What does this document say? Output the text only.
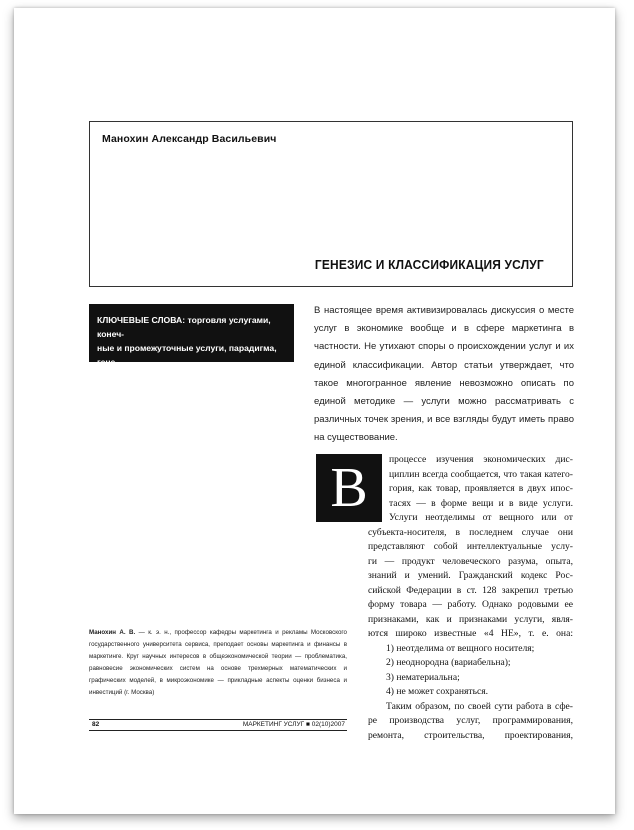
Манохин Александр Васильевич
ГЕНЕЗИС И КЛАССИФИКАЦИЯ УСЛУГ
КЛЮЧЕВЫЕ СЛОВА: торговля услугами, конеч-
ные и промежуточные услуги, парадигма, гене-
зис, первичные услуги

В настоящее время активизировалась дискуссия о месте услуг в экономике вообще и в сфере маркетинга в частности. Не утихают споры о происхождении услуг и их единой классификации. Автор статьи утверждает, что такое многогранное явление невозможно описать по единой методике — услуги можно рассматривать с различных точек зрения, и все взгляды будут иметь право на существование.

В	процессе изучения экономических дис-
циплин всегда сообщается, что такая катего-
гория, как товар, проявляется в двух ипос-
тасях — в форме вещи и в виде услуги.
Услуги неотделимы от вещного или от
субъекта-носителя, в последнем случае они
представляют собой интеллектуальные услу-
ги — продукт человеческого разума, опыта,
знаний и умений. Гражданский кодекс Рос-
сийской Федерации в ст. 128 закрепил третью
форму товара — работу. Однако родовыми ее
признаками, как и признаками услуги, явля-
ются широко известные «4 НЕ», т. е. она:
1) неотделима от вещного носителя;
2) неоднородна (вариабельна);
3) нематериальна;
4) не может сохраняться.
Таким образом, по своей сути работа в сфе-
ре производства услуг, программирования,
ремонта, строительства, проектирования,

Манохин А. В. — к. э. н., профессор кафедры маркетинга и рекламы Московского государственного университета сервиса, преподает основы маркетинга и финансы в маркетинге. Круг научных интересов в общеэкономической теории — проблематика, равновесие экономических систем на основе трехмерных математических и графических моделей, в микроэкономике — прикладные аспекты оценки бизнеса и инвестиций (г. Москва)

82	МАРКЕТИНГ УСЛУГ ■ 02(10)2007
